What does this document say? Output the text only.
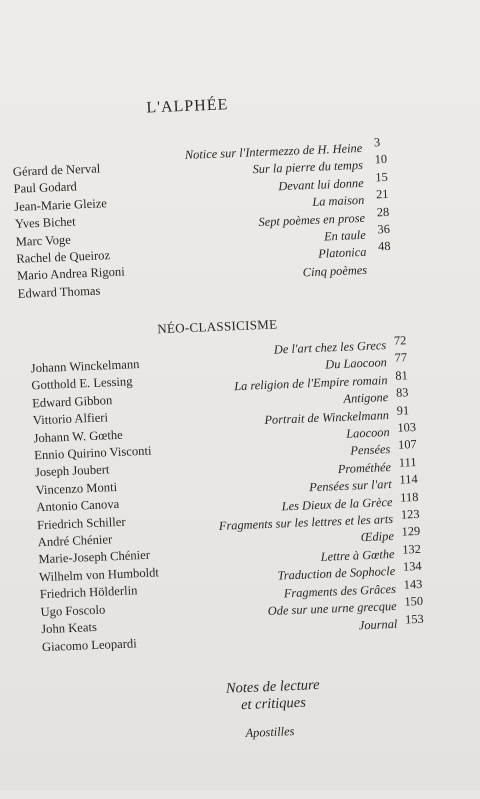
L'ALPHÉE
Gérard de Nerval
Paul Godard
Jean-Marie Gleize
Yves Bichet
Marc Voge
Rachel de Queiroz
Mario Andrea Rigoni
Edward Thomas
Notice sur l'Intermezzo de H. Heine
Sur la pierre du temps
Devant lui donne
La maison
Sept poèmes en prose
En taule
Platonica
Cinq poèmes
3
10
15
21
28
36
48
NÉO-CLASSICISME
Johann Winckelmann
Gotthold E. Lessing
Edward Gibbon
Vittorio Alfieri
Johann W. Gœthe
Ennio Quirino Visconti
Joseph Joubert
Vincenzo Monti
Antonio Canova
Friedrich Schiller
André Chénier
Marie-Joseph Chénier
Wilhelm von Humboldt
Friedrich Hölderlin
Ugo Foscolo
John Keats
Giacomo Leopardi
De l'art chez les Grecs
Du Laocoon
La religion de l'Empire romain
Antigone
Portrait de Winckelmann
Laocoon
Pensées
Prométhée
Pensées sur l'art
Les Dieux de la Grèce
Fragments sur les lettres et les arts
Œdipe
Lettre à Gœthe
Traduction de Sophocle
Fragments des Grâces
Ode sur une urne grecque
Journal
72
77
81
83
91
103
107
111
114
118
123
129
132
134
143
150
153
Notes de lecture
et critiques
Apostilles
